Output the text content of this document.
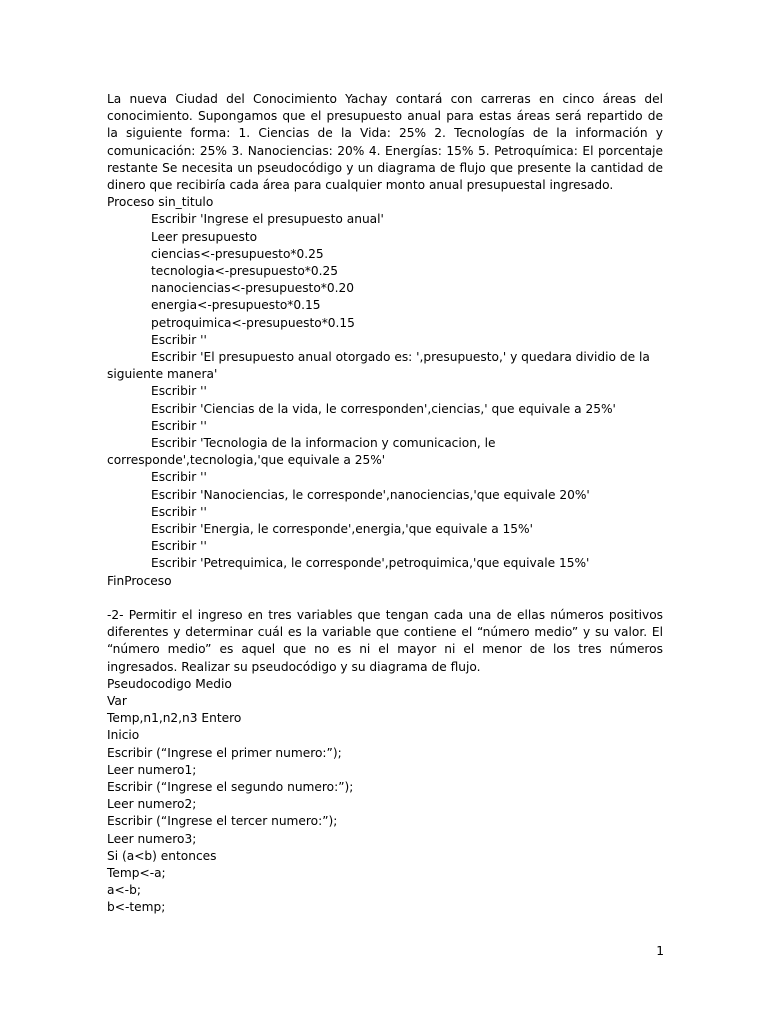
La nueva Ciudad del Conocimiento Yachay contará con carreras en cinco áreas del conocimiento. Supongamos que el presupuesto anual para estas áreas será repartido de la siguiente forma: 1. Ciencias de la Vida: 25% 2. Tecnologías de la información y comunicación: 25% 3. Nanociencias: 20% 4. Energías: 15% 5. Petroquímica: El porcentaje restante Se necesita un pseudocódigo y un diagrama de flujo que presente la cantidad de dinero que recibiría cada área para cualquier monto anual presupuestal ingresado.
Proceso sin_titulo
Escribir 'Ingrese el presupuesto anual'
Leer presupuesto
ciencias<-presupuesto*0.25
tecnologia<-presupuesto*0.25
nanociencias<-presupuesto*0.20
energia<-presupuesto*0.15
petroquimica<-presupuesto*0.15
Escribir ''
Escribir 'El presupuesto anual otorgado es: ',presupuesto,' y quedara dividio de la siguiente manera'
Escribir ''
Escribir 'Ciencias de la vida, le corresponden',ciencias,' que equivale a 25%'
Escribir ''
Escribir 'Tecnologia de la informacion y comunicacion, le corresponde',tecnologia,'que equivale a 25%'
Escribir ''
Escribir 'Nanociencias, le corresponde',nanociencias,'que equivale 20%'
Escribir ''
Escribir 'Energia, le corresponde',energia,'que equivale a 15%'
Escribir ''
Escribir 'Petrequimica, le corresponde',petroquimica,'que equivale 15%'
FinProceso
-2- Permitir el ingreso en tres variables que tengan cada una de ellas números positivos diferentes y determinar cuál es la variable que contiene el “número medio” y su valor. El “número medio” es aquel que no es ni el mayor ni el menor de los tres números ingresados. Realizar su pseudocódigo y su diagrama de flujo.
Pseudocodigo Medio
Var
Temp,n1,n2,n3 Entero
Inicio
Escribir (“Ingrese el primer numero:”);
Leer numero1;
Escribir (“Ingrese el segundo numero:”);
Leer numero2;
Escribir (“Ingrese el tercer numero:”);
Leer numero3;
Si (a<b) entonces
Temp<-a;
a<-b;
b<-temp;
1
